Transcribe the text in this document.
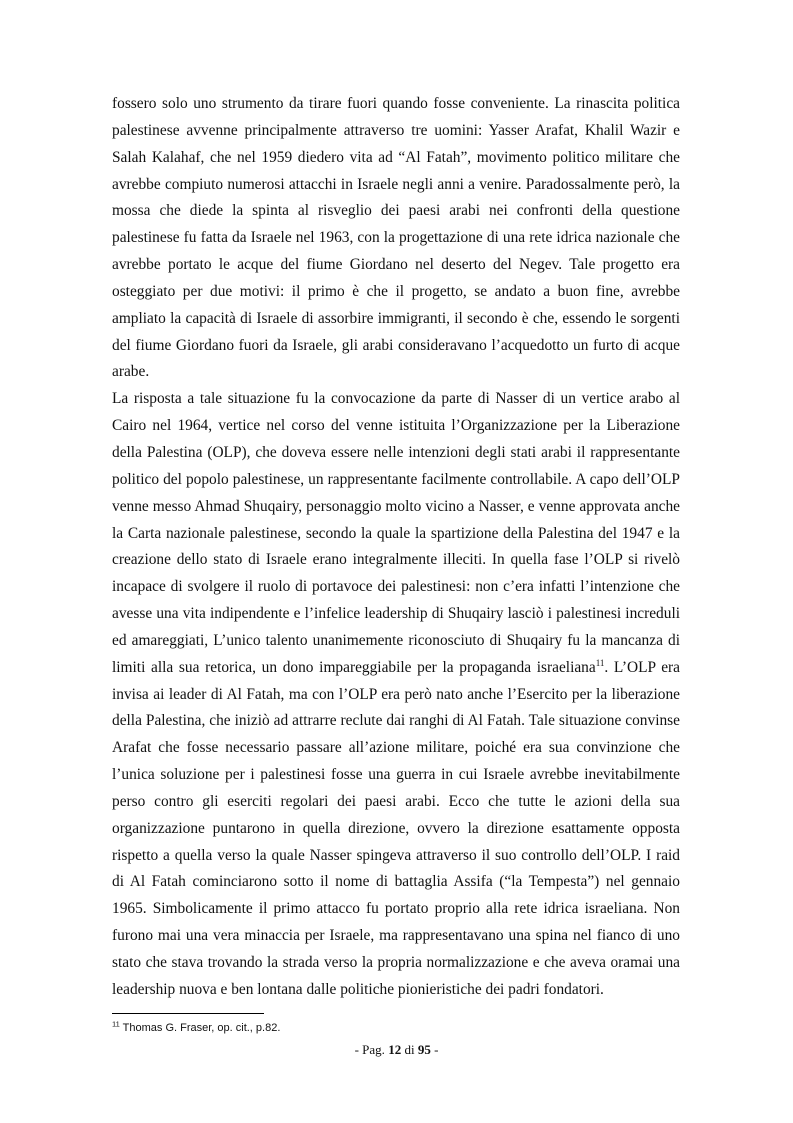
fossero solo uno strumento da tirare fuori quando fosse conveniente. La rinascita politica palestinese avvenne principalmente attraverso tre uomini: Yasser Arafat, Khalil Wazir e Salah Kalahaf, che nel 1959 diedero vita ad “Al Fatah”, movimento politico militare che avrebbe compiuto numerosi attacchi in Israele negli anni a venire. Paradossalmente però, la mossa che diede la spinta al risveglio dei paesi arabi nei confronti della questione palestinese fu fatta da Israele nel 1963, con la progettazione di una rete idrica nazionale che avrebbe portato le acque del fiume Giordano nel deserto del Negev. Tale progetto era osteggiato per due motivi: il primo è che il progetto, se andato a buon fine, avrebbe ampliato la capacità di Israele di assorbire immigranti, il secondo è che, essendo le sorgenti del fiume Giordano fuori da Israele, gli arabi consideravano l’acquedotto un furto di acque arabe.

La risposta a tale situazione fu la convocazione da parte di Nasser di un vertice arabo al Cairo nel 1964, vertice nel corso del venne istituita l’Organizzazione per la Liberazione della Palestina (OLP), che doveva essere nelle intenzioni degli stati arabi il rappresentante politico del popolo palestinese, un rappresentante facilmente controllabile. A capo dell’OLP venne messo Ahmad Shuqairy, personaggio molto vicino a Nasser, e venne approvata anche la Carta nazionale palestinese, secondo la quale la spartizione della Palestina del 1947 e la creazione dello stato di Israele erano integralmente illeciti. In quella fase l’OLP si rivelò incapace di svolgere il ruolo di portavoce dei palestinesi: non c’era infatti l’intenzione che avesse una vita indipendente e l’infelice leadership di Shuqairy lasciò i palestinesi increduli ed amareggiati, L’unico talento unanimemente riconosciuto di Shuqairy fu la mancanza di limiti alla sua retorica, un dono impareggiabile per la propaganda israeliana$^{11}$. L’OLP era invisa ai leader di Al Fatah, ma con l’OLP era però nato anche l’Esercito per la liberazione della Palestina, che iniziò ad attrarre reclute dai ranghi di Al Fatah. Tale situazione convinse Arafat che fosse necessario passare all’azione militare, poiché era sua convinzione che l’unica soluzione per i palestinesi fosse una guerra in cui Israele avrebbe inevitabilmente perso contro gli eserciti regolari dei paesi arabi. Ecco che tutte le azioni della sua organizzazione puntarono in quella direzione, ovvero la direzione esattamente opposta rispetto a quella verso la quale Nasser spingeva attraverso il suo controllo dell’OLP. I raid di Al Fatah cominciarono sotto il nome di battaglia Assifa (“la Tempesta”) nel gennaio 1965. Simbolicamente il primo attacco fu portato proprio alla rete idrica israeliana. Non furono mai una vera minaccia per Israele, ma rappresentavano una spina nel fianco di uno stato che stava trovando la strada verso la propria normalizzazione e che aveva oramai una leadership nuova e ben lontana dalle politiche pionieristiche dei padri fondatori.

$^{11}$ Thomas G. Fraser, op. cit., p.82.
- Pag. 12 di 95 -
